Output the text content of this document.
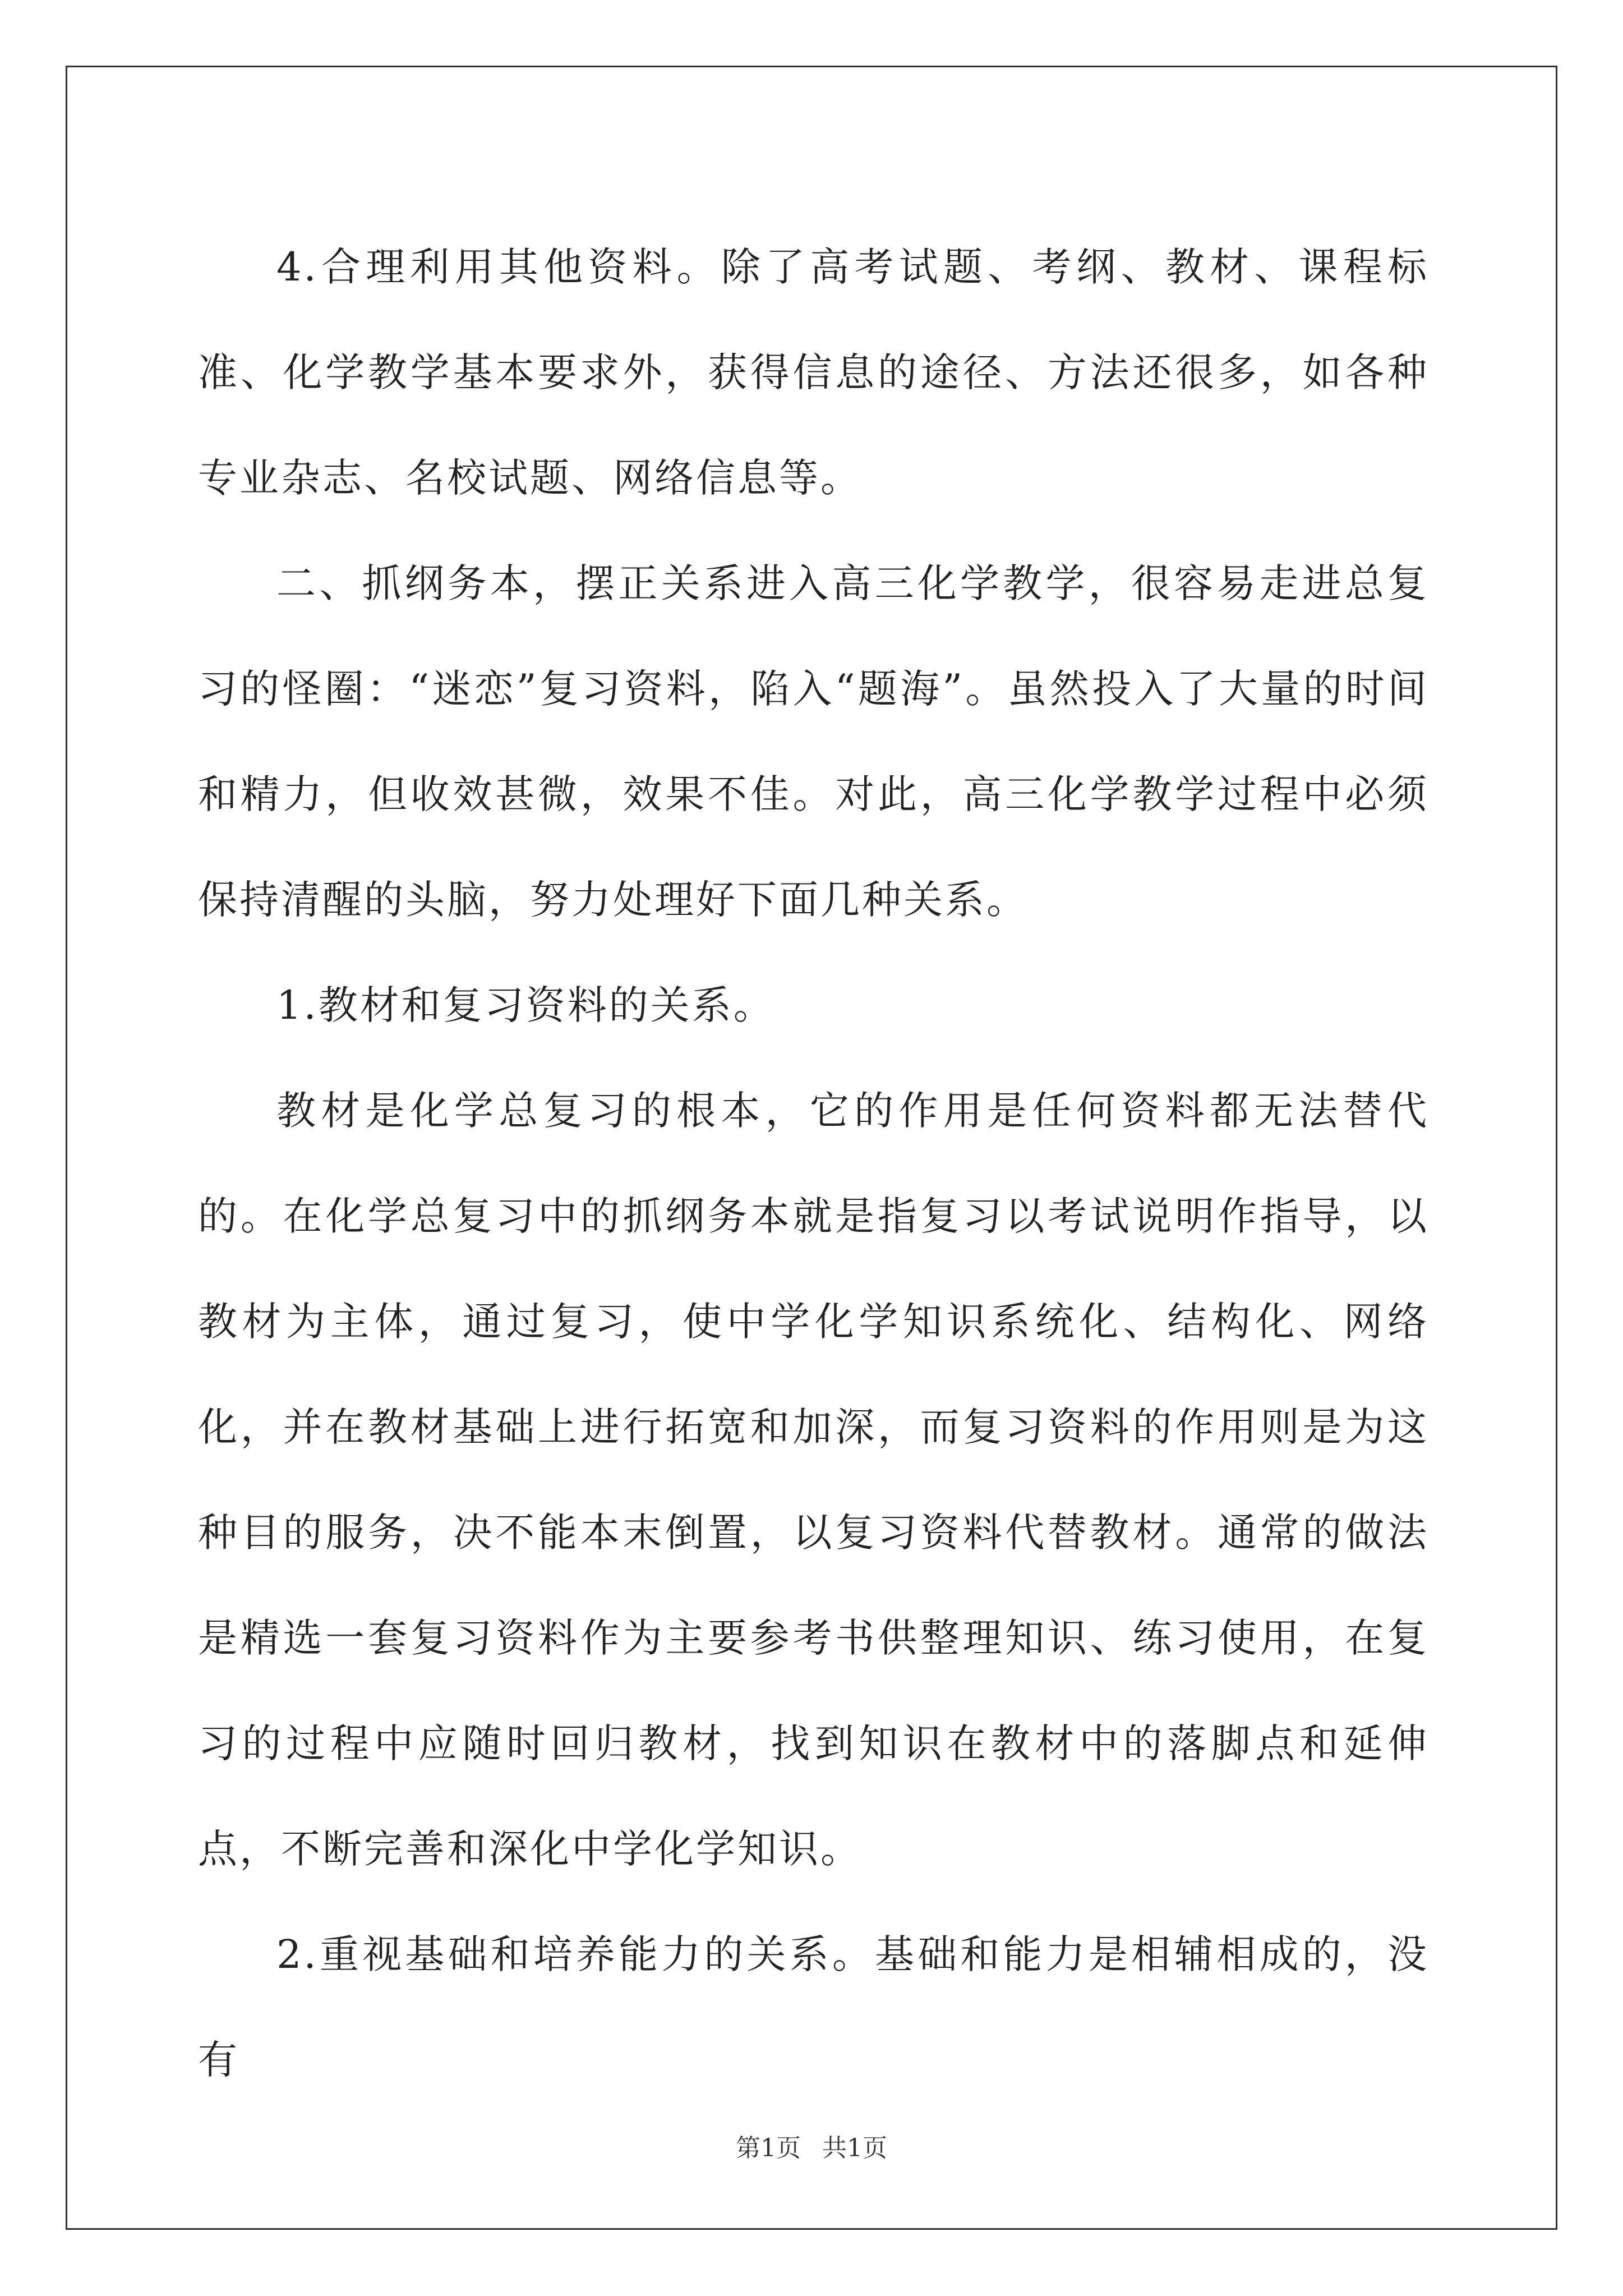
4.合理利用其他资料。除了高考试题、考纲、教材、课程标准、化学教学基本要求外，获得信息的途径、方法还很多，如各种专业杂志、名校试题、网络信息等。

二、抓纲务本，摆正关系进入高三化学教学，很容易走进总复习的怪圈：“迷恋”复习资料，陷入“题海”。虽然投入了大量的时间和精力，但收效甚微，效果不佳。对此，高三化学教学过程中必须保持清醒的头脑，努力处理好下面几种关系。

1.教材和复习资料的关系。

教材是化学总复习的根本，它的作用是任何资料都无法替代的。在化学总复习中的抓纲务本就是指复习以考试说明作指导，以教材为主体，通过复习，使中学化学知识系统化、结构化、网络化，并在教材基础上进行拓宽和加深，而复习资料的作用则是为这种目的服务，决不能本末倒置，以复习资料代替教材。通常的做法是精选一套复习资料作为主要参考书供整理知识、练习使用，在复习的过程中应随时回归教材，找到知识在教材中的落脚点和延伸点，不断完善和深化中学化学知识。

2.重视基础和培养能力的关系。基础和能力是相辅相成的，没有

第1页 共1页
